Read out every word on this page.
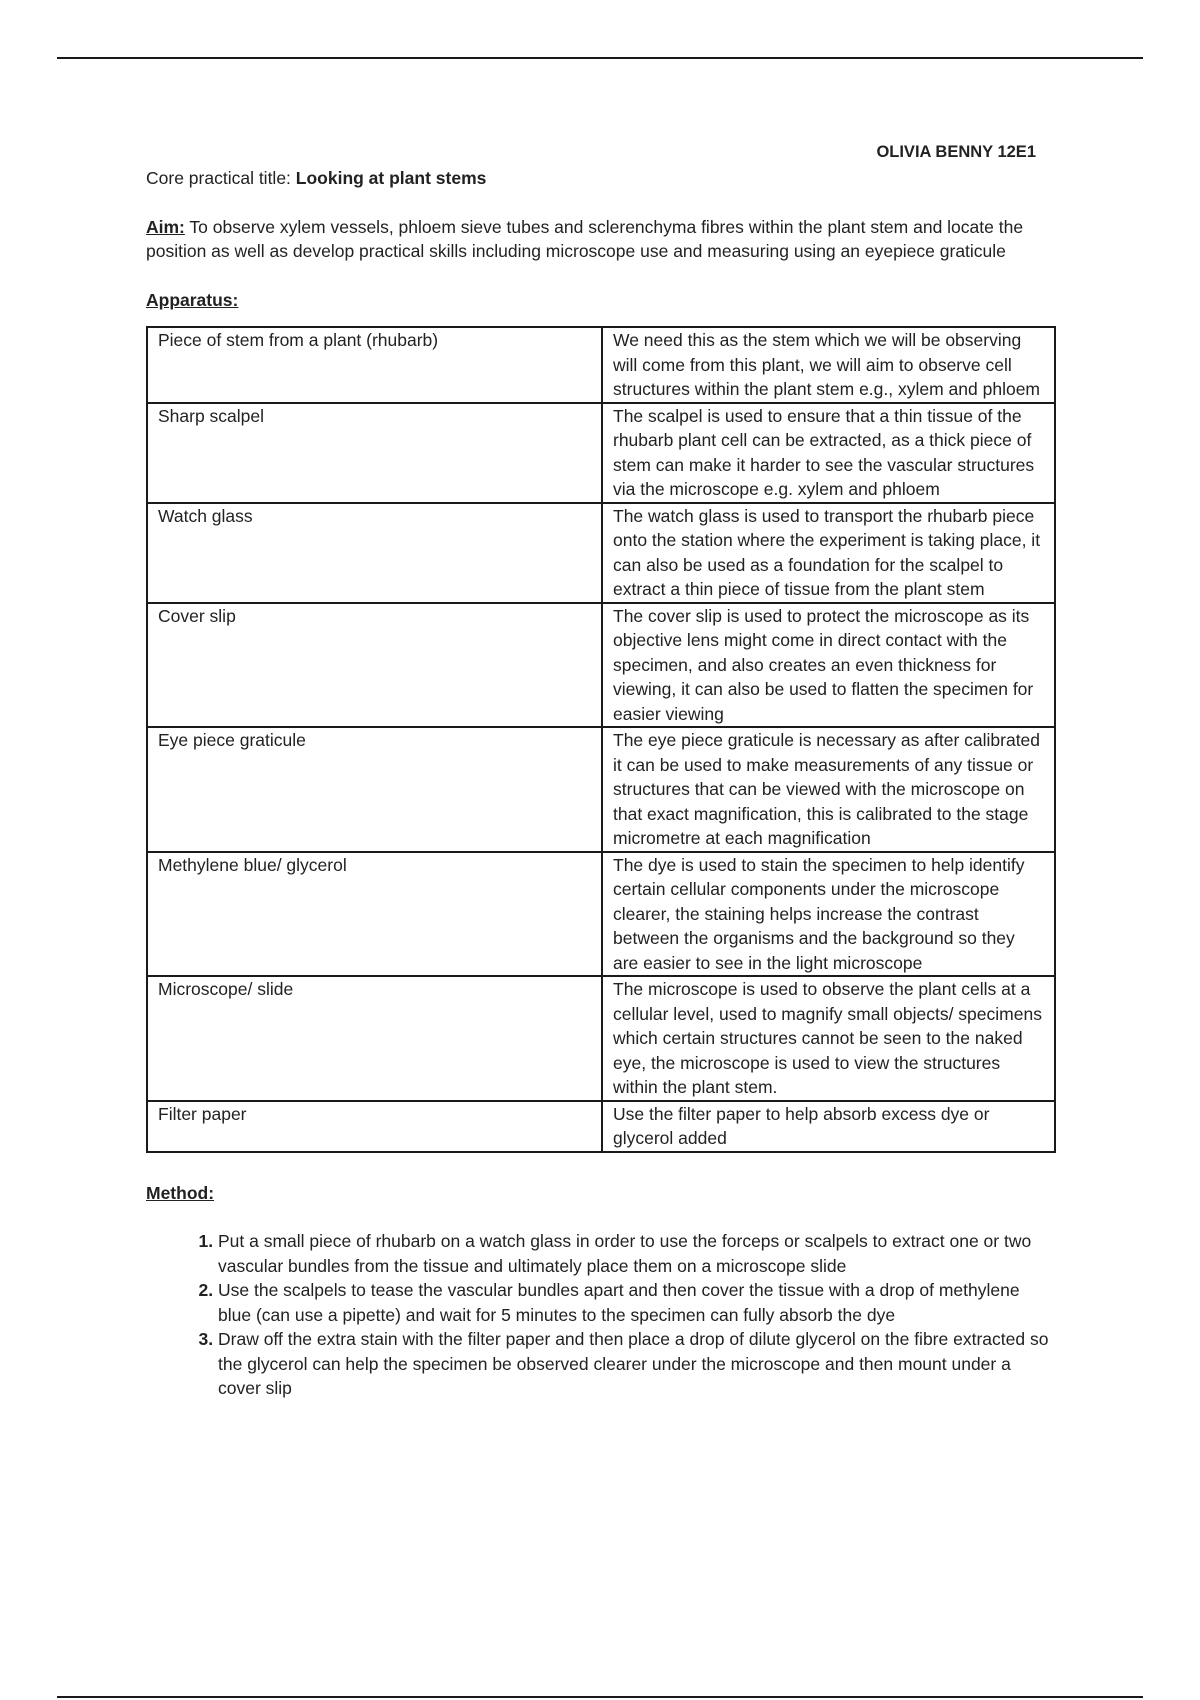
OLIVIA BENNY 12E1
Core practical title: Looking at plant stems
Aim: To observe xylem vessels, phloem sieve tubes and sclerenchyma fibres within the plant stem and locate the position as well as develop practical skills including microscope use and measuring using an eyepiece graticule
Apparatus:
Piece of stem from a plant (rhubarb)	We need this as the stem which we will be observing will come from this plant, we will aim to observe cell structures within the plant stem e.g., xylem and phloem
Sharp scalpel	The scalpel is used to ensure that a thin tissue of the rhubarb plant cell can be extracted, as a thick piece of stem can make it harder to see the vascular structures via the microscope e.g. xylem and phloem
Watch glass	The watch glass is used to transport the rhubarb piece onto the station where the experiment is taking place, it can also be used as a foundation for the scalpel to extract a thin piece of tissue from the plant stem
Cover slip	The cover slip is used to protect the microscope as its objective lens might come in direct contact with the specimen, and also creates an even thickness for viewing, it can also be used to flatten the specimen for easier viewing
Eye piece graticule	The eye piece graticule is necessary as after calibrated it can be used to make measurements of any tissue or structures that can be viewed with the microscope on that exact magnification, this is calibrated to the stage micrometre at each magnification
Methylene blue/ glycerol	The dye is used to stain the specimen to help identify certain cellular components under the microscope clearer, the staining helps increase the contrast between the organisms and the background so they are easier to see in the light microscope
Microscope/ slide	The microscope is used to observe the plant cells at a cellular level, used to magnify small objects/ specimens which certain structures cannot be seen to the naked eye, the microscope is used to view the structures within the plant stem.
Filter paper	Use the filter paper to help absorb excess dye or glycerol added
Method:
1. Put a small piece of rhubarb on a watch glass in order to use the forceps or scalpels to extract one or two vascular bundles from the tissue and ultimately place them on a microscope slide
2. Use the scalpels to tease the vascular bundles apart and then cover the tissue with a drop of methylene blue (can use a pipette) and wait for 5 minutes to the specimen can fully absorb the dye
3. Draw off the extra stain with the filter paper and then place a drop of dilute glycerol on the fibre extracted so the glycerol can help the specimen be observed clearer under the microscope and then mount under a cover slip
